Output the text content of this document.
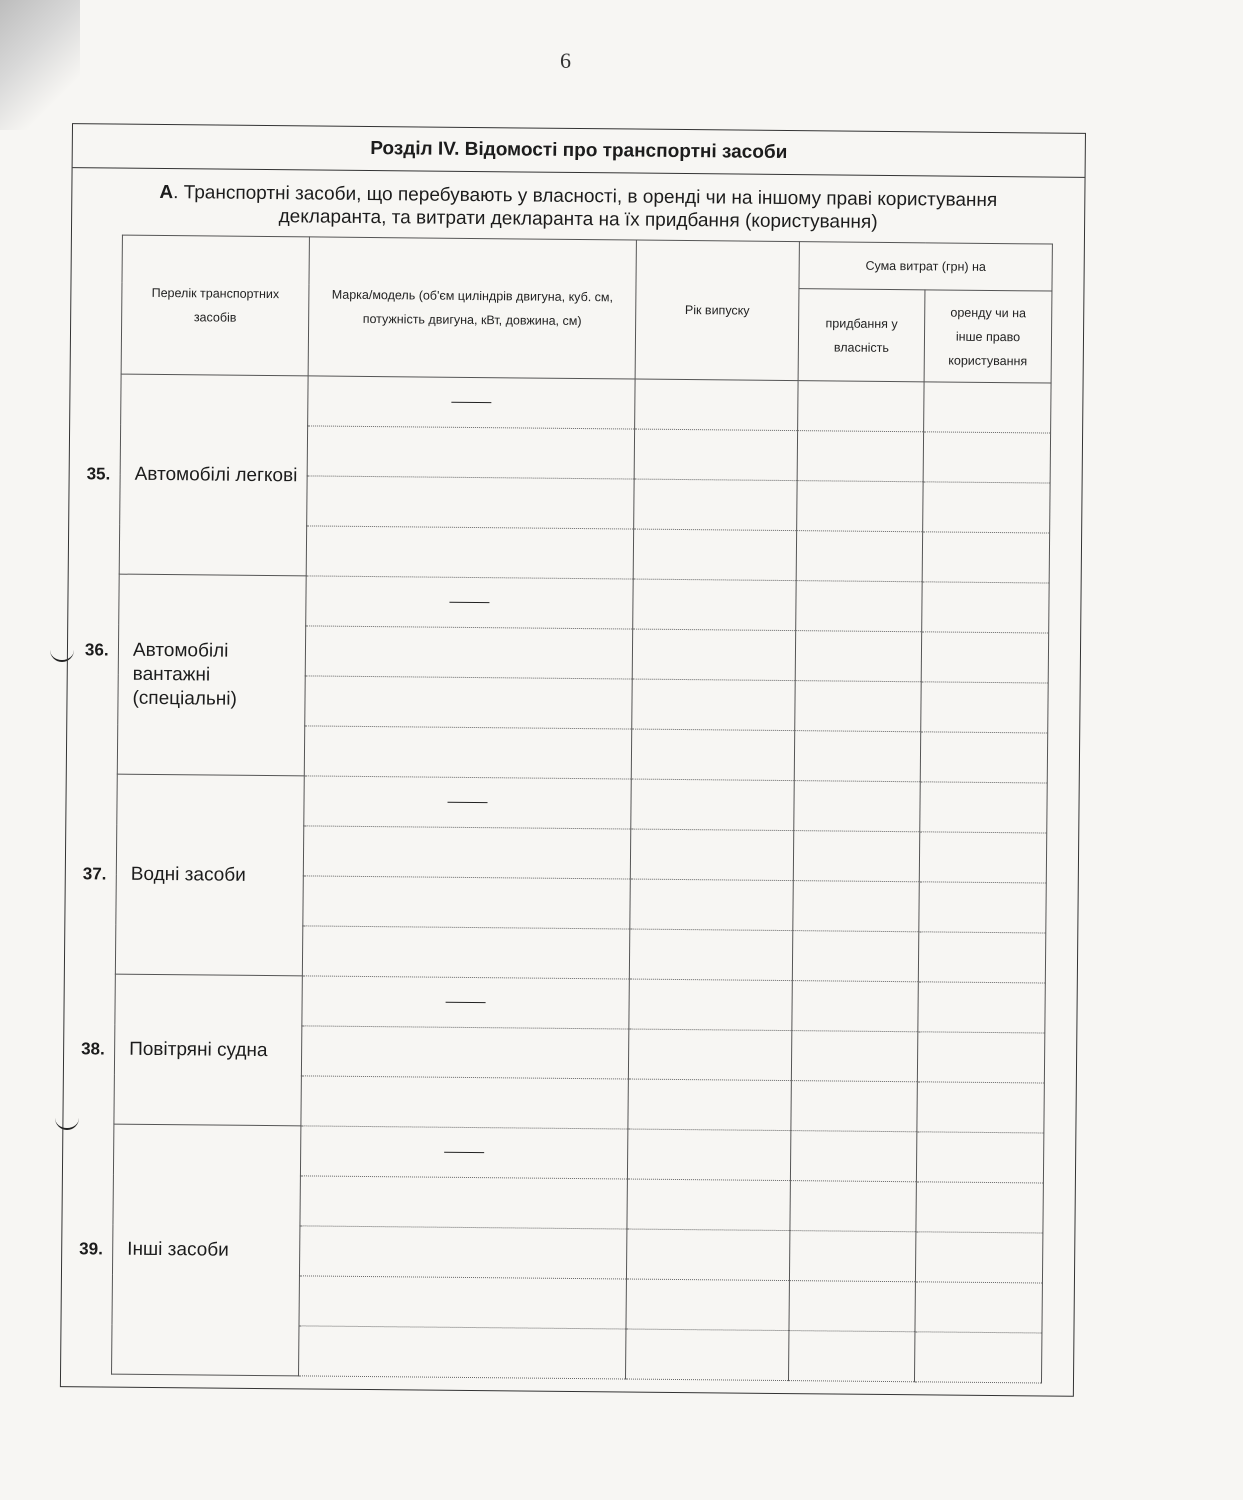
6
Розділ IV. Відомості про транспортні засоби
А. Транспортні засоби, що перебувають у власності, в оренді чи на іншому праві користування
декларанта, та витрати декларанта на їх придбання (користування)
Перелік транспортних засобів	Марка/модель (об'єм циліндрів двигуна, куб. см, потужність двигуна, кВт, довжина, см)	Рік випуску	Сума витрат (грн) на	
			придбання у власність	оренду чи на інше право користування

35. Автомобілі легкові				

36. Автомобілі вантажні (спеціальні)				

37. Водні засоби				

38. Повітряні судна				

39. Інші засоби				
